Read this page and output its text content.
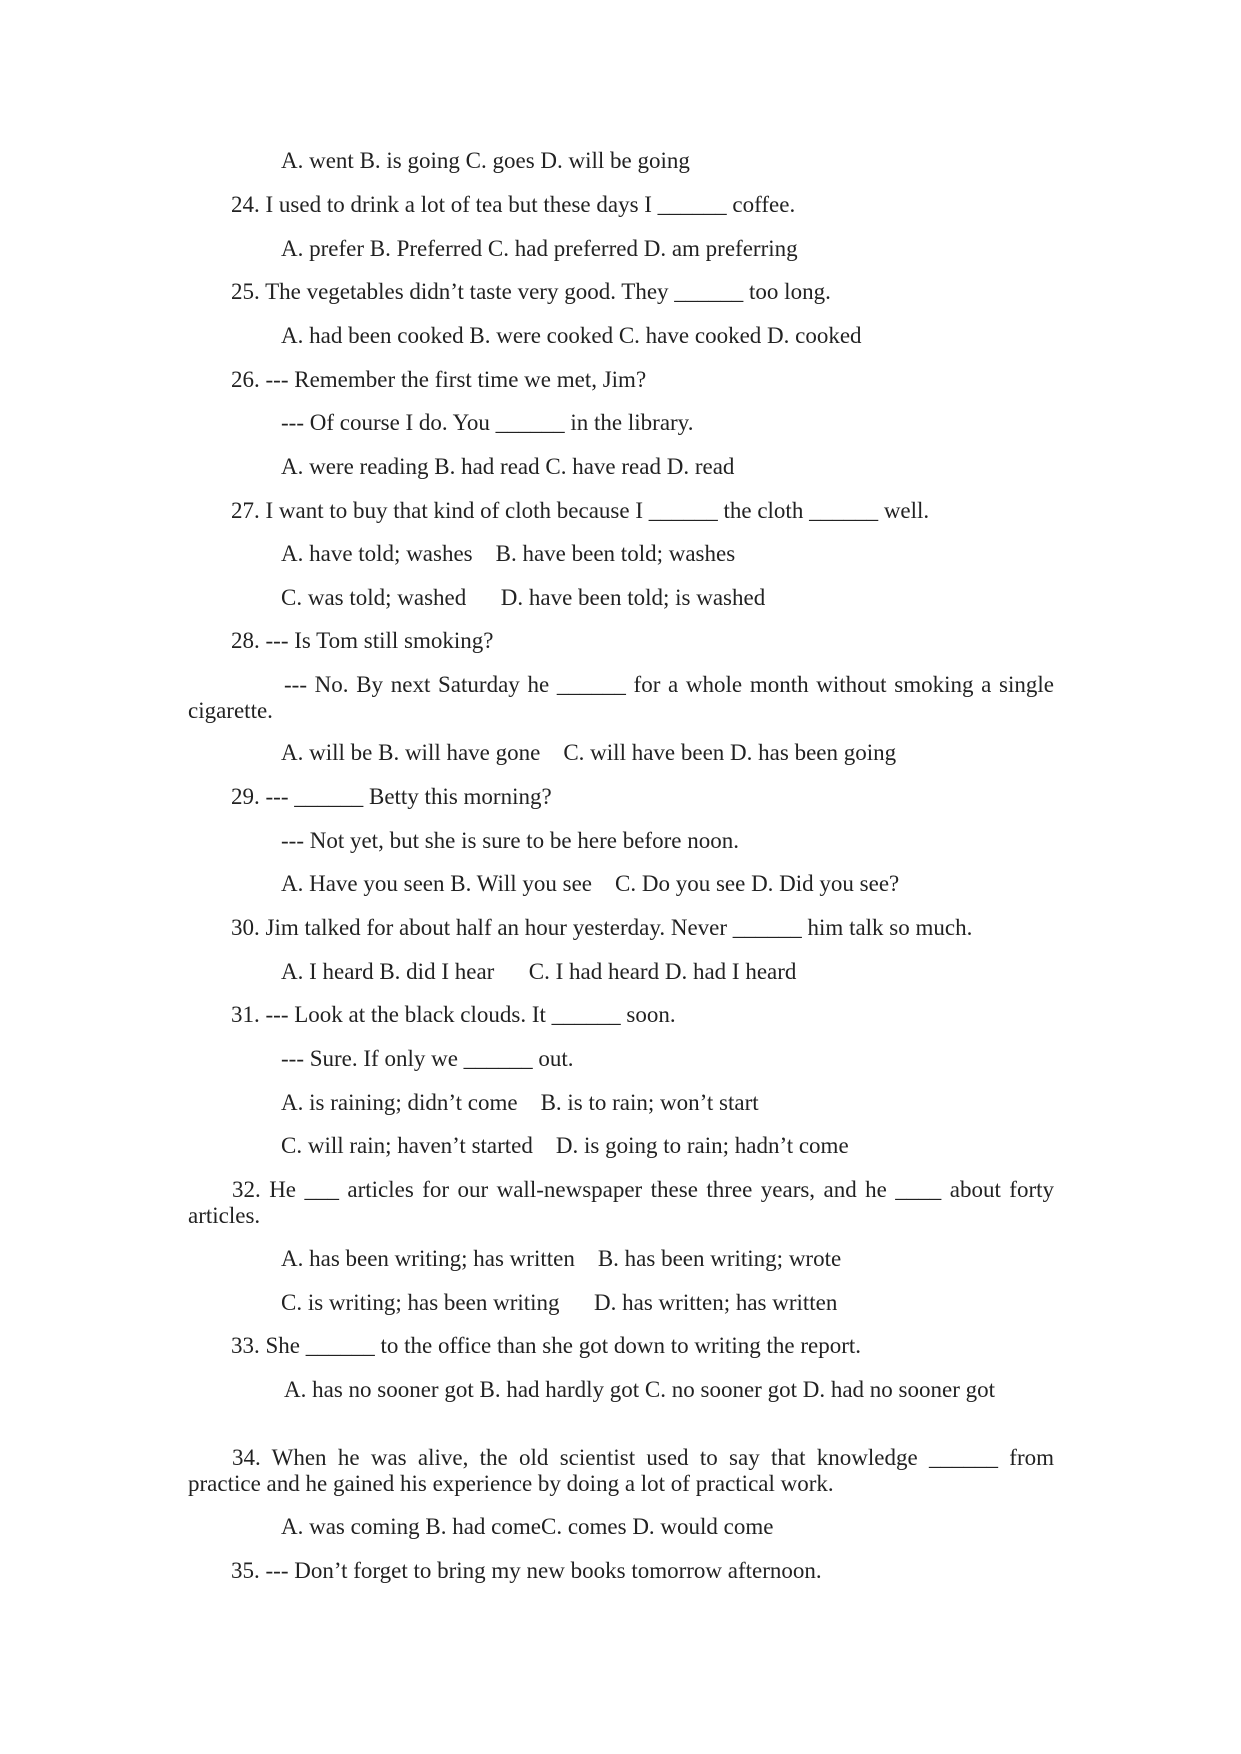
A. went B. is going C. goes D. will be going

24. I used to drink a lot of tea but these days I ______ coffee.

A. prefer B. Preferred C. had preferred D. am preferring

25. The vegetables didn’t taste very good. They ______ too long.

A. had been cooked B. were cooked C. have cooked D. cooked

26. --- Remember the first time we met, Jim?

--- Of course I do. You ______ in the library.

A. were reading B. had read C. have read D. read

27. I want to buy that kind of cloth because I ______ the cloth ______ well.

A. have told; washes    B. have been told; washes

C. was told; washed      D. have been told; is washed

28. --- Is Tom still smoking?

--- No. By next Saturday he ______ for a whole month without smoking a single cigarette.

A. will be B. will have gone    C. will have been D. has been going

29. --- ______ Betty this morning?

--- Not yet, but she is sure to be here before noon.

A. Have you seen B. Will you see    C. Do you see D. Did you see?

30. Jim talked for about half an hour yesterday. Never ______ him talk so much.

A. I heard B. did I hear      C. I had heard D. had I heard

31. --- Look at the black clouds. It ______ soon.

--- Sure. If only we ______ out.

A. is raining; didn’t come    B. is to rain; won’t start

C. will rain; haven’t started    D. is going to rain; hadn’t come

32. He ___ articles for our wall-newspaper these three years, and he ____ about forty articles.

A. has been writing; has written    B. has been writing; wrote

C. is writing; has been writing      D. has written; has written

33. She ______ to the office than she got down to writing the report.

A. has no sooner got B. had hardly got C. no sooner got D. had no sooner got

34. When he was alive, the old scientist used to say that knowledge ______ from practice and he gained his experience by doing a lot of practical work.

A. was coming B. had comeC. comes D. would come

35. --- Don’t forget to bring my new books tomorrow afternoon.
